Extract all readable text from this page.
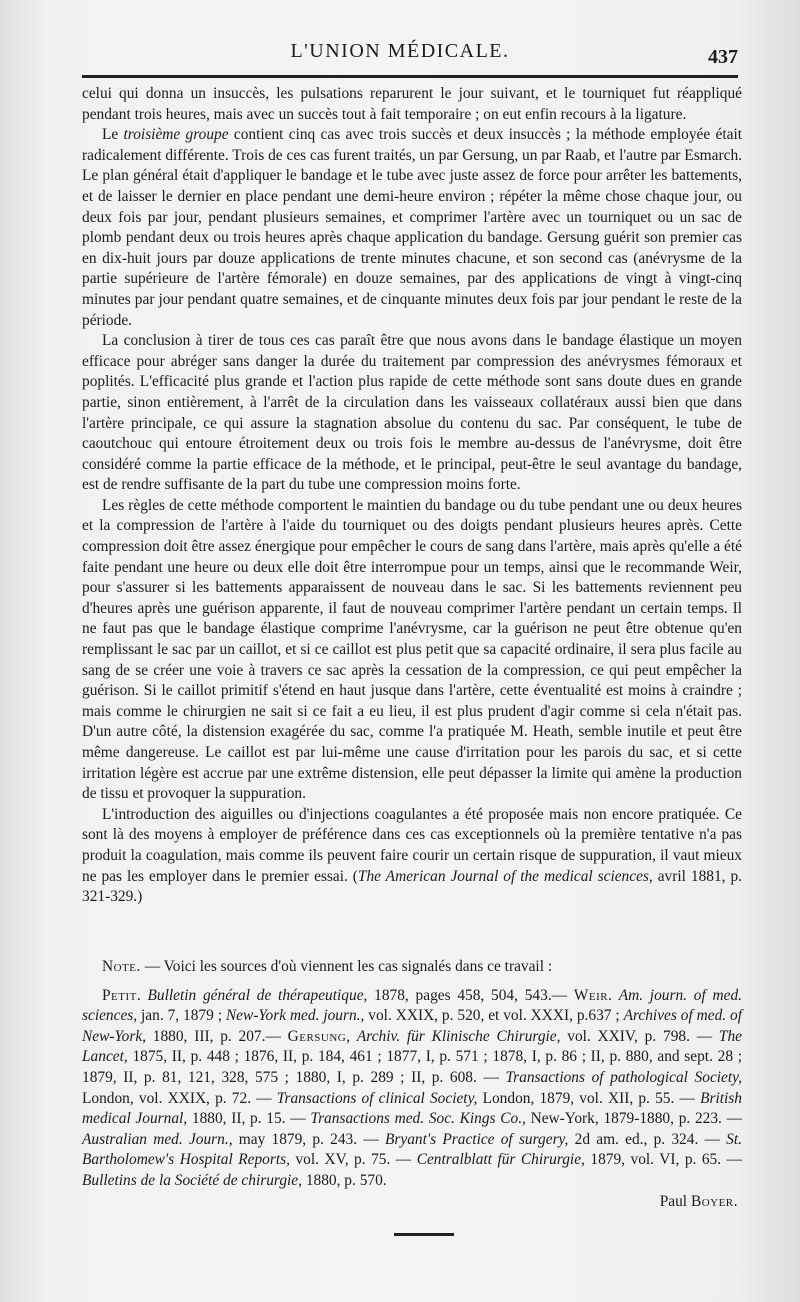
L'UNION MÉDICALE.	437

celui qui donna un insuccès, les pulsations reparurent le jour suivant, et le tourniquet fut réappliqué pendant trois heures, mais avec un succès tout à fait temporaire ; on eut enfin recours à la ligature.

Le troisième groupe contient cinq cas avec trois succès et deux insuccès ; la méthode employée était radicalement différente. Trois de ces cas furent traités, un par Gersung, un par Raab, et l'autre par Esmarch. Le plan général était d'appliquer le bandage et le tube avec juste assez de force pour arrêter les battements, et de laisser le dernier en place pendant une demi-heure environ ; répéter la même chose chaque jour, ou deux fois par jour, pendant plusieurs semaines, et comprimer l'artère avec un tourniquet ou un sac de plomb pendant deux ou trois heures après chaque application du bandage. Gersung guérit son premier cas en dix-huit jours par douze applications de trente minutes chacune, et son second cas (anévrysme de la partie supérieure de l'artère fémorale) en douze semaines, par des applications de vingt à vingt-cinq minutes par jour pendant quatre semaines, et de cinquante minutes deux fois par jour pendant le reste de la période.

La conclusion à tirer de tous ces cas paraît être que nous avons dans le bandage élastique un moyen efficace pour abréger sans danger la durée du traitement par compression des anévrysmes fémoraux et poplités. L'efficacité plus grande et l'action plus rapide de cette méthode sont sans doute dues en grande partie, sinon entièrement, à l'arrêt de la circulation dans les vaisseaux collatéraux aussi bien que dans l'artère principale, ce qui assure la stagnation absolue du contenu du sac. Par conséquent, le tube de caoutchouc qui entoure étroitement deux ou trois fois le membre au-dessus de l'anévrysme, doit être considéré comme la partie efficace de la méthode, et le principal, peut-être le seul avantage du bandage, est de rendre suffisante de la part du tube une compression moins forte.

Les règles de cette méthode comportent le maintien du bandage ou du tube pendant une ou deux heures et la compression de l'artère à l'aide du tourniquet ou des doigts pendant plusieurs heures après. Cette compression doit être assez énergique pour empêcher le cours de sang dans l'artère, mais après qu'elle a été faite pendant une heure ou deux elle doit être interrompue pour un temps, ainsi que le recommande Weir, pour s'assurer si les battements apparaissent de nouveau dans le sac. Si les battements reviennent peu d'heures après une guérison apparente, il faut de nouveau comprimer l'artère pendant un certain temps. Il ne faut pas que le bandage élastique comprime l'anévrysme, car la guérison ne peut être obtenue qu'en remplissant le sac par un caillot, et si ce caillot est plus petit que sa capacité ordinaire, il sera plus facile au sang de se créer une voie à travers ce sac après la cessation de la compression, ce qui peut empêcher la guérison. Si le caillot primitif s'étend en haut jusque dans l'artère, cette éventualité est moins à craindre ; mais comme le chirurgien ne sait si ce fait a eu lieu, il est plus prudent d'agir comme si cela n'était pas. D'un autre côté, la distension exagérée du sac, comme l'a pratiquée M. Heath, semble inutile et peut être même dangereuse. Le caillot est par lui-même une cause d'irritation pour les parois du sac, et si cette irritation légère est accrue par une extrême distension, elle peut dépasser la limite qui amène la production de tissu et provoquer la suppuration.

L'introduction des aiguilles ou d'injections coagulantes a été proposée mais non encore pratiquée. Ce sont là des moyens à employer de préférence dans ces cas exceptionnels où la première tentative n'a pas produit la coagulation, mais comme ils peuvent faire courir un certain risque de suppuration, il vaut mieux ne pas les employer dans le premier essai. (The American Journal of the medical sciences, avril 1881, p. 321-329.)

Note. — Voici les sources d'où viennent les cas signalés dans ce travail :

Petit. Bulletin général de thérapeutique, 1878, pages 458, 504, 543.— Weir. Am. journ. of med. sciences, jan. 7, 1879 ; New-York med. journ., vol. XXIX, p. 520, et vol. XXXI, p.637 ; Archives of med. of New-York, 1880, III, p. 207.— Gersung, Archiv. für Klinische Chirurgie, vol. XXIV, p. 798. — The Lancet, 1875, II, p. 448 ; 1876, II, p. 184, 461 ; 1877, I, p. 571 ; 1878, I, p. 86 ; II, p. 880, and sept. 28 ; 1879, II, p. 81, 121, 328, 575 ; 1880, I, p. 289 ; II, p. 608. — Transactions of pathological Society, London, vol. XXIX, p. 72. — Transactions of clinical Society, London, 1879, vol. XII, p. 55. — British medical Journal, 1880, II, p. 15. — Transactions med. Soc. Kings Co., New-York, 1879-1880, p. 223. — Australian med. Journ., may 1879, p. 243. — Bryant's Practice of surgery, 2d am. ed., p. 324. — St. Bartholomew's Hospital Reports, vol. XV, p. 75. — Centralblatt für Chirurgie, 1879, vol. VI, p. 65. — Bulletins de la Société de chirurgie, 1880, p. 570.

Paul Boyer.
